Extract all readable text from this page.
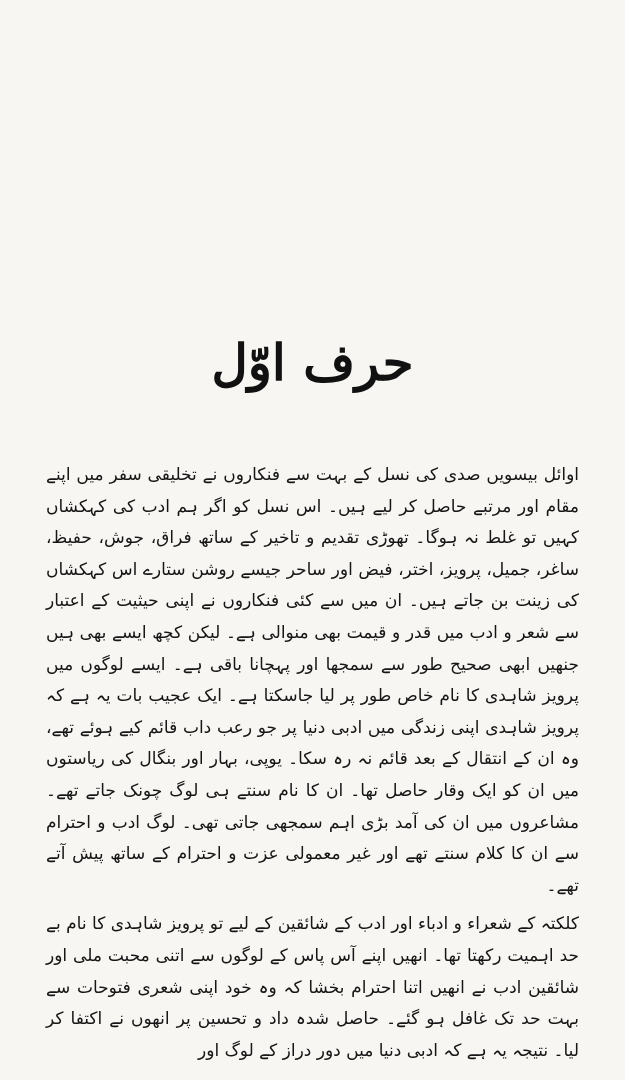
حرف اوّل

اوائل بیسویں صدی کی نسل کے بہت سے فنکاروں نے تخلیقی سفر میں اپنے مقام اور مرتبے حاصل کر لیے ہیں۔ اس نسل کو اگر ہم ادب کی کہکشاں کہیں تو غلط نہ ہوگا۔ تھوڑی تقدیم و تاخیر کے ساتھ فراق، جوش، حفیظ، ساغر، جمیل، پرویز، اختر، فیض اور ساحر جیسے روشن ستارے اس کہکشاں کی زینت بن جاتے ہیں۔ ان میں سے کئی فنکاروں نے اپنی حیثیت کے اعتبار سے شعر و ادب میں قدر و قیمت بھی منوالی ہے۔ لیکن کچھ ایسے بھی ہیں جنھیں ابھی صحیح طور سے سمجھا اور پہچانا باقی ہے۔ ایسے لوگوں میں پرویز شاہدی کا نام خاص طور پر لیا جاسکتا ہے۔ ایک عجیب بات یہ ہے کہ پرویز شاہدی اپنی زندگی میں ادبی دنیا پر جو رعب داب قائم کیے ہوئے تھے، وہ ان کے انتقال کے بعد قائم نہ رہ سکا۔ یوپی، بہار اور بنگال کی ریاستوں میں ان کو ایک وقار حاصل تھا۔ ان کا نام سنتے ہی لوگ چونک جاتے تھے۔ مشاعروں میں ان کی آمد بڑی اہم سمجھی جاتی تھی۔ لوگ ادب و احترام سے ان کا کلام سنتے تھے اور غیر معمولی عزت و احترام کے ساتھ پیش آتے تھے۔

کلکتہ کے شعراء و ادباء اور ادب کے شائقین کے لیے تو پرویز شاہدی کا نام بے حد اہمیت رکھتا تھا۔ انھیں اپنے آس پاس کے لوگوں سے اتنی محبت ملی اور شائقین ادب نے انھیں اتنا احترام بخشا کہ وہ خود اپنی شعری فتوحات سے بہت حد تک غافل ہو گئے۔ حاصل شدہ داد و تحسین پر انھوں نے اکتفا کر لیا۔ نتیجہ یہ ہے کہ ادبی دنیا میں دور دراز کے لوگ اور
